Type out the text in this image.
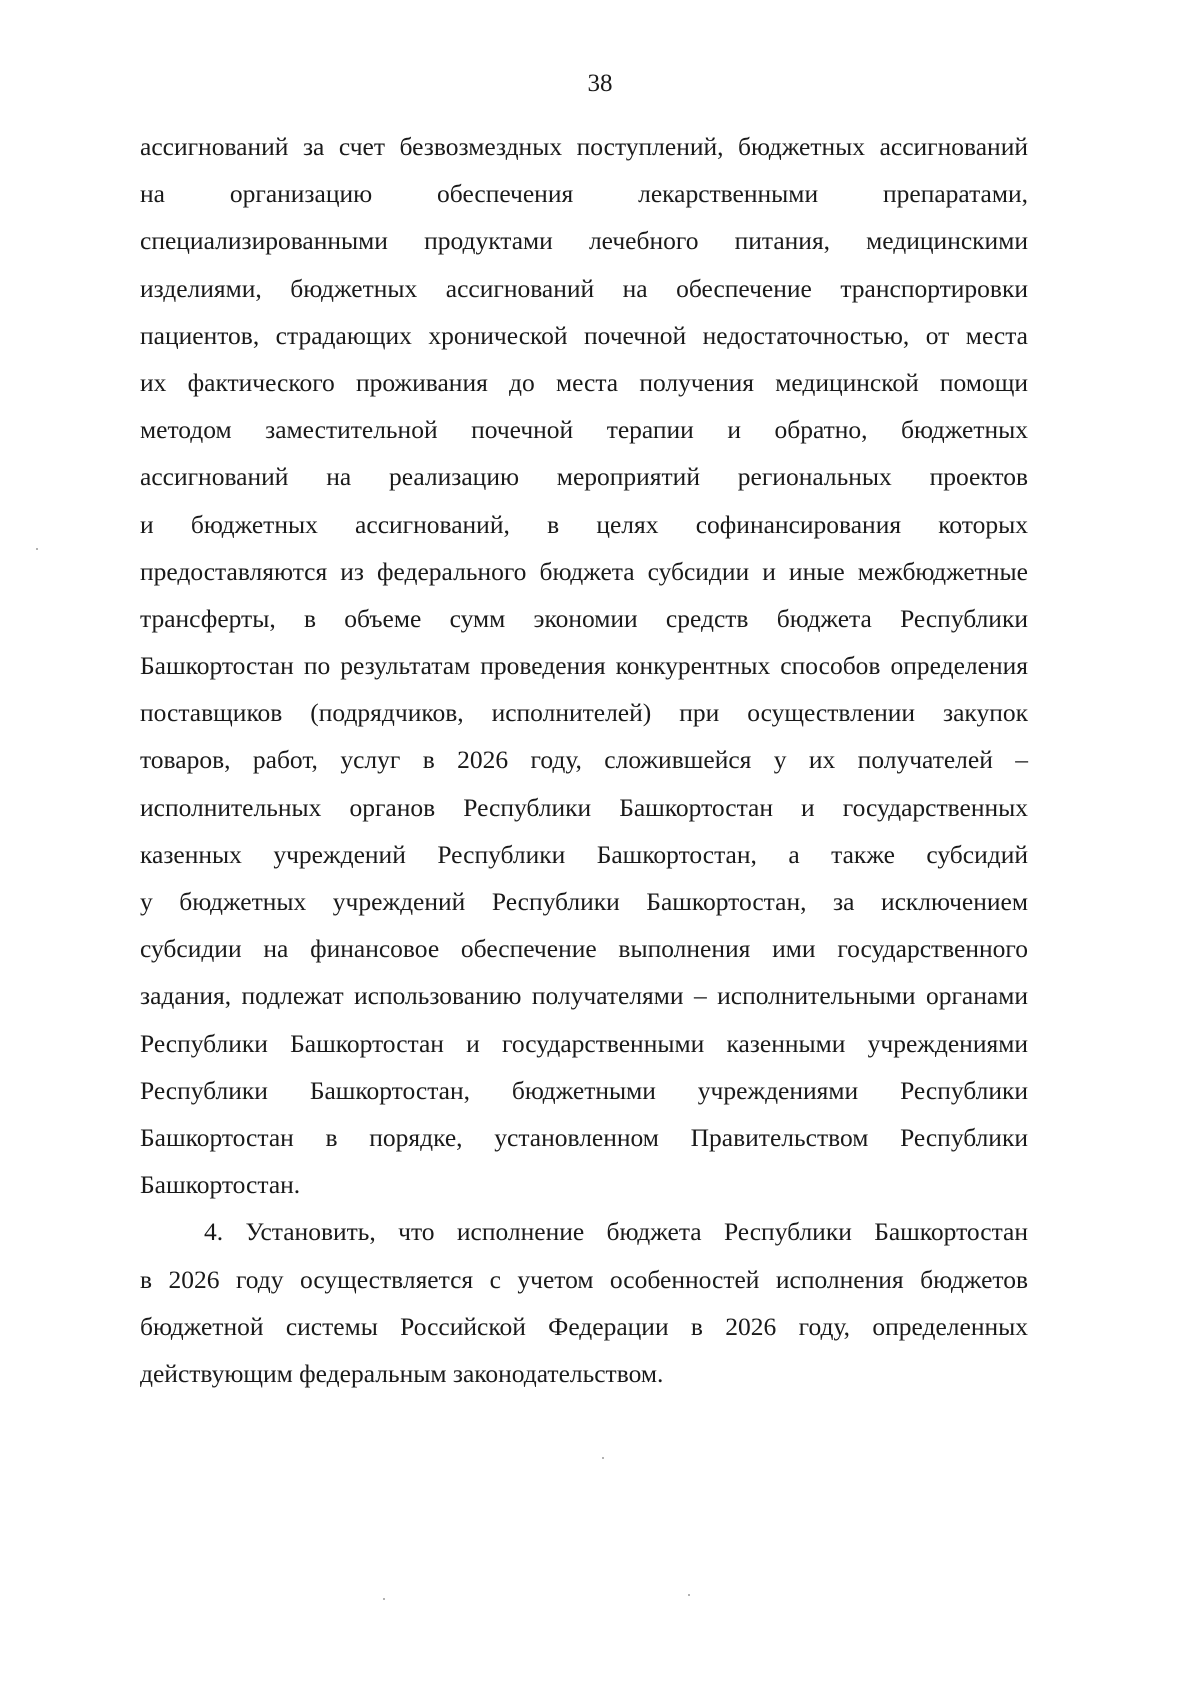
38
ассигнований за счет безвозмездных поступлений, бюджетных ассигнований
на организацию обеспечения лекарственными препаратами,
специализированными продуктами лечебного питания, медицинскими
изделиями, бюджетных ассигнований на обеспечение транспортировки
пациентов, страдающих хронической почечной недостаточностью, от места
их фактического проживания до места получения медицинской помощи
методом заместительной почечной терапии и обратно, бюджетных
ассигнований на реализацию мероприятий региональных проектов
и бюджетных ассигнований, в целях софинансирования которых
предоставляются из федерального бюджета субсидии и иные межбюджетные
трансферты, в объеме сумм экономии средств бюджета Республики
Башкортостан по результатам проведения конкурентных способов определения
поставщиков (подрядчиков, исполнителей) при осуществлении закупок
товаров, работ, услуг в 2026 году, сложившейся у их получателей –
исполнительных органов Республики Башкортостан и государственных
казенных учреждений Республики Башкортостан, а также субсидий
у бюджетных учреждений Республики Башкортостан, за исключением
субсидии на финансовое обеспечение выполнения ими государственного
задания, подлежат использованию получателями – исполнительными органами
Республики Башкортостан и государственными казенными учреждениями
Республики Башкортостан, бюджетными учреждениями Республики
Башкортостан в порядке, установленном Правительством Республики
Башкортостан.
4. Установить, что исполнение бюджета Республики Башкортостан
в 2026 году осуществляется с учетом особенностей исполнения бюджетов
бюджетной системы Российской Федерации в 2026 году, определенных
действующим федеральным законодательством.
